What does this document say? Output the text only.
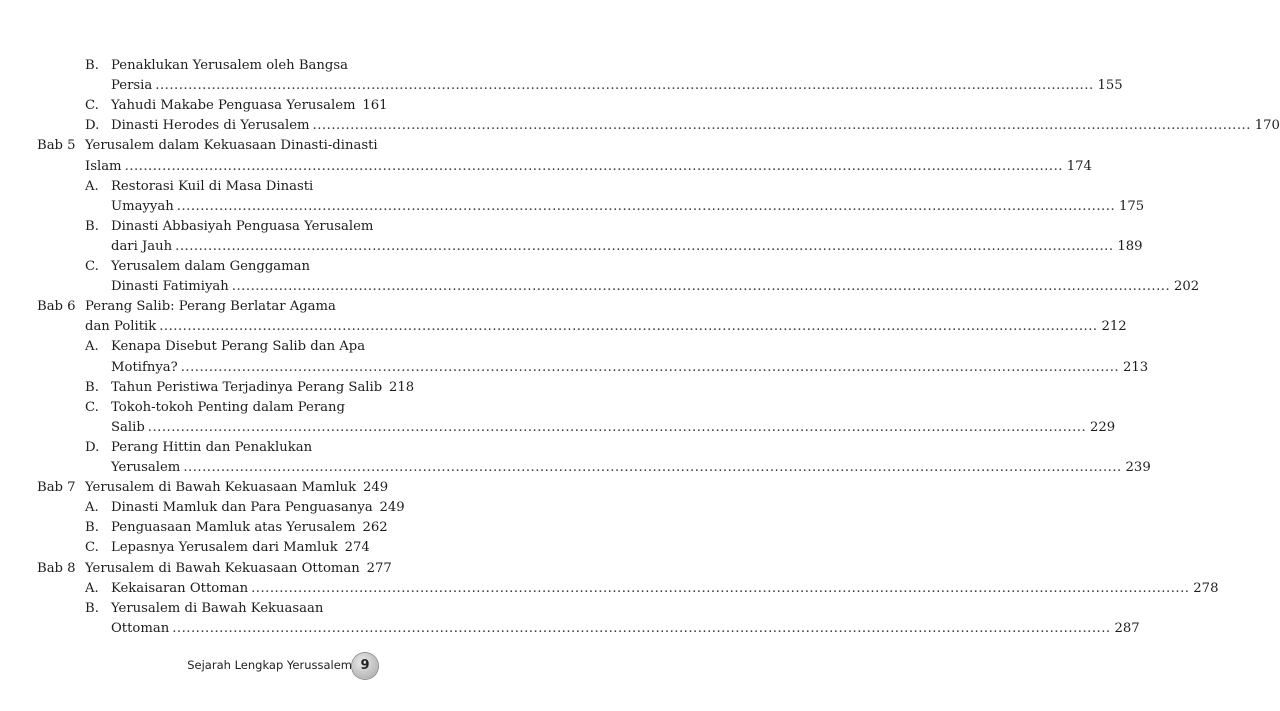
B. Penaklukan Yerusalem oleh Bangsa
Persia ........................................................................................................................................................................................................ 155
C. Yahudi Makabe Penguasa Yerusalem 161
D. Dinasti Herodes di Yerusalem ........................................................................................................................................................................................................ 170
Bab 5 Yerusalem dalam Kekuasaan Dinasti-dinasti
Islam ........................................................................................................................................................................................................ 174
A. Restorasi Kuil di Masa Dinasti
Umayyah ........................................................................................................................................................................................................ 175
B. Dinasti Abbasiyah Penguasa Yerusalem
dari Jauh ........................................................................................................................................................................................................ 189
C. Yerusalem dalam Genggaman
Dinasti Fatimiyah ........................................................................................................................................................................................................ 202
Bab 6 Perang Salib: Perang Berlatar Agama
dan Politik ........................................................................................................................................................................................................ 212
A. Kenapa Disebut Perang Salib dan Apa
Motifnya? ........................................................................................................................................................................................................ 213
B. Tahun Peristiwa Terjadinya Perang Salib 218
C. Tokoh-tokoh Penting dalam Perang
Salib ........................................................................................................................................................................................................ 229
D. Perang Hittin dan Penaklukan
Yerusalem ........................................................................................................................................................................................................ 239
Bab 7 Yerusalem di Bawah Kekuasaan Mamluk 249
A. Dinasti Mamluk dan Para Penguasanya 249
B. Penguasaan Mamluk atas Yerusalem 262
C. Lepasnya Yerusalem dari Mamluk 274
Bab 8 Yerusalem di Bawah Kekuasaan Ottoman 277
A. Kekaisaran Ottoman ........................................................................................................................................................................................................ 278
B. Yerusalem di Bawah Kekuasaan
Ottoman ........................................................................................................................................................................................................ 287
Sejarah Lengkap Yerussalem 9
